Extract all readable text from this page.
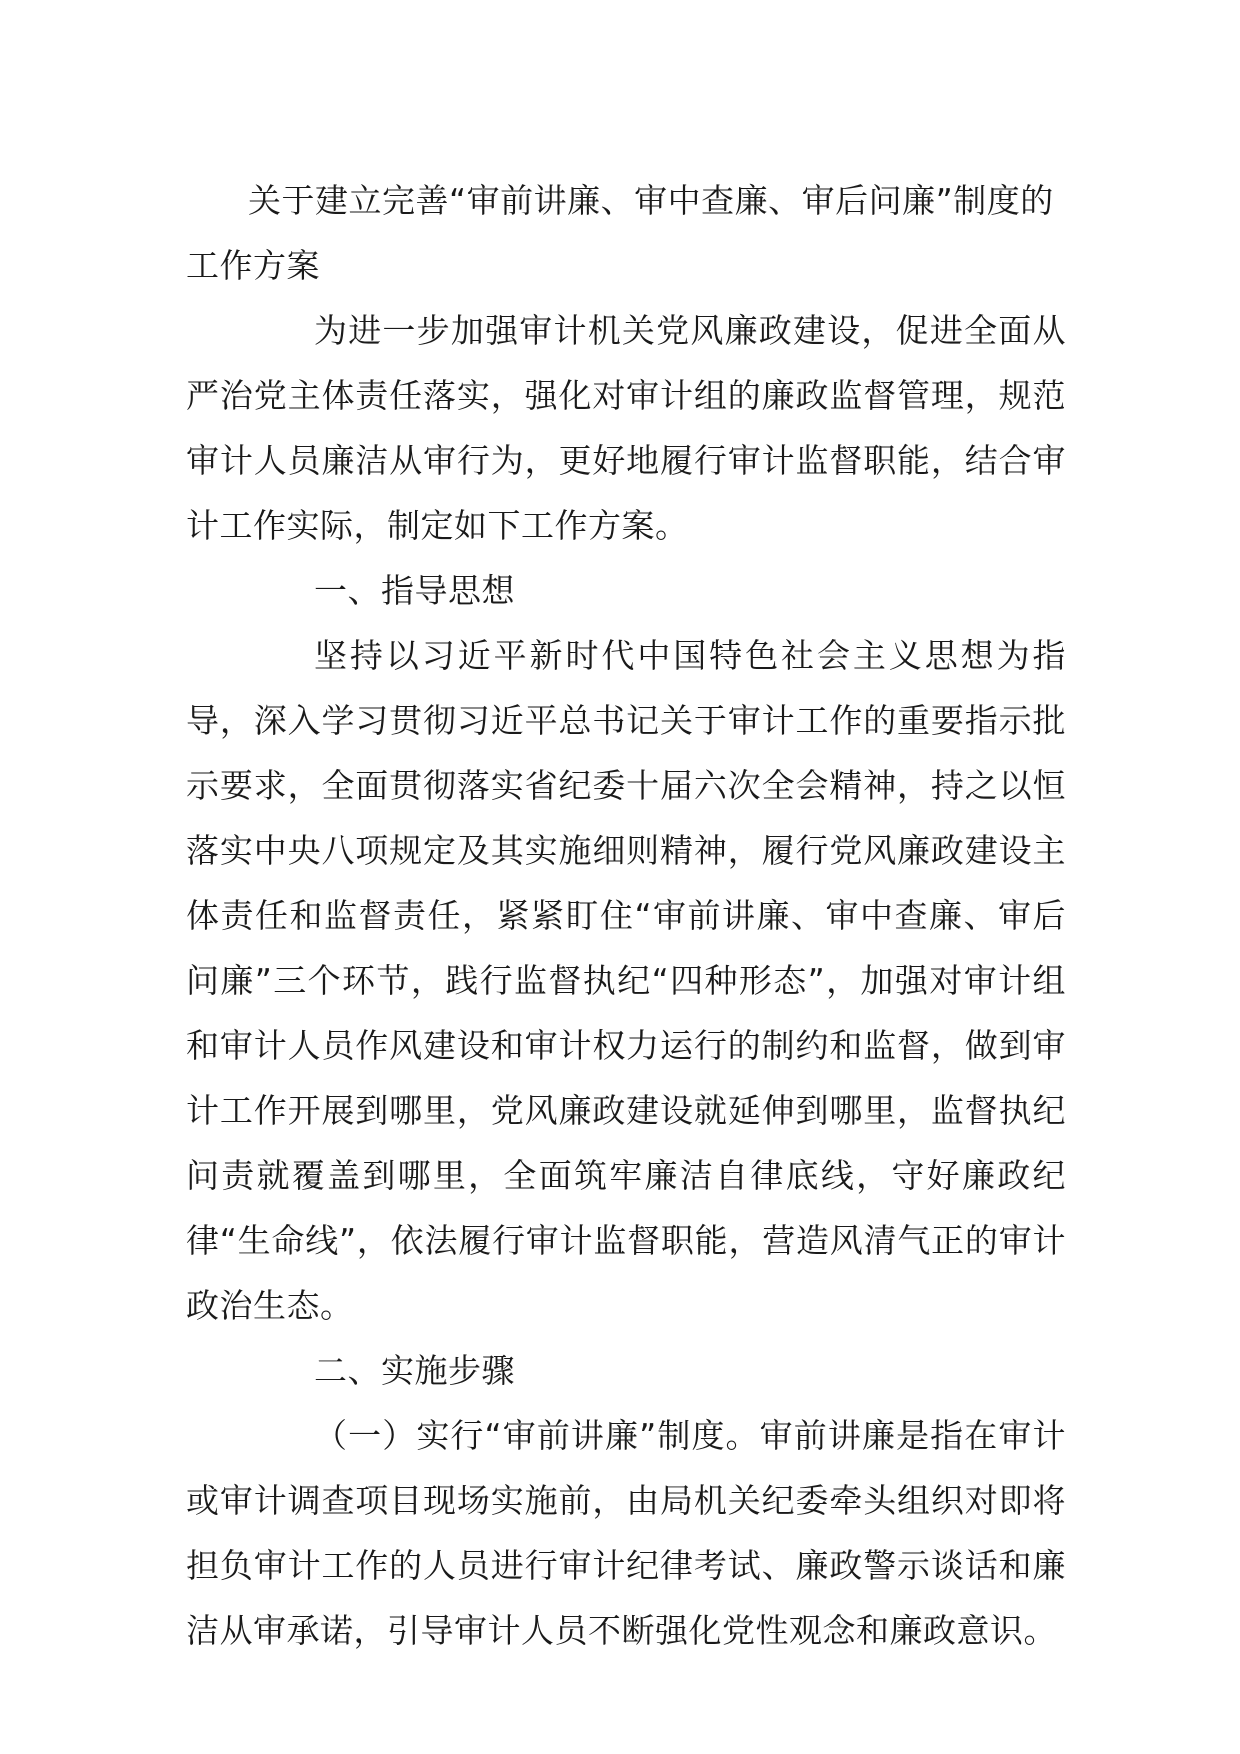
关于建立完善“审前讲廉、审中查廉、审后问廉”制度的工作方案

为进一步加强审计机关党风廉政建设，促进全面从严治党主体责任落实，强化对审计组的廉政监督管理，规范审计人员廉洁从审行为，更好地履行审计监督职能，结合审计工作实际，制定如下工作方案。

一、指导思想

坚持以习近平新时代中国特色社会主义思想为指导，深入学习贯彻习近平总书记关于审计工作的重要指示批示要求，全面贯彻落实省纪委十届六次全会精神，持之以恒落实中央八项规定及其实施细则精神，履行党风廉政建设主体责任和监督责任，紧紧盯住“审前讲廉、审中查廉、审后问廉”三个环节，践行监督执纪“四种形态”，加强对审计组和审计人员作风建设和审计权力运行的制约和监督，做到审计工作开展到哪里，党风廉政建设就延伸到哪里，监督执纪问责就覆盖到哪里，全面筑牢廉洁自律底线，守好廉政纪律“生命线”，依法履行审计监督职能，营造风清气正的审计政治生态。

二、实施步骤

（一）实行“审前讲廉”制度。审前讲廉是指在审计或审计调查项目现场实施前，由局机关纪委牵头组织对即将担负审计工作的人员进行审计纪律考试、廉政警示谈话和廉洁从审承诺，引导审计人员不断强化党性观念和廉政意识。
